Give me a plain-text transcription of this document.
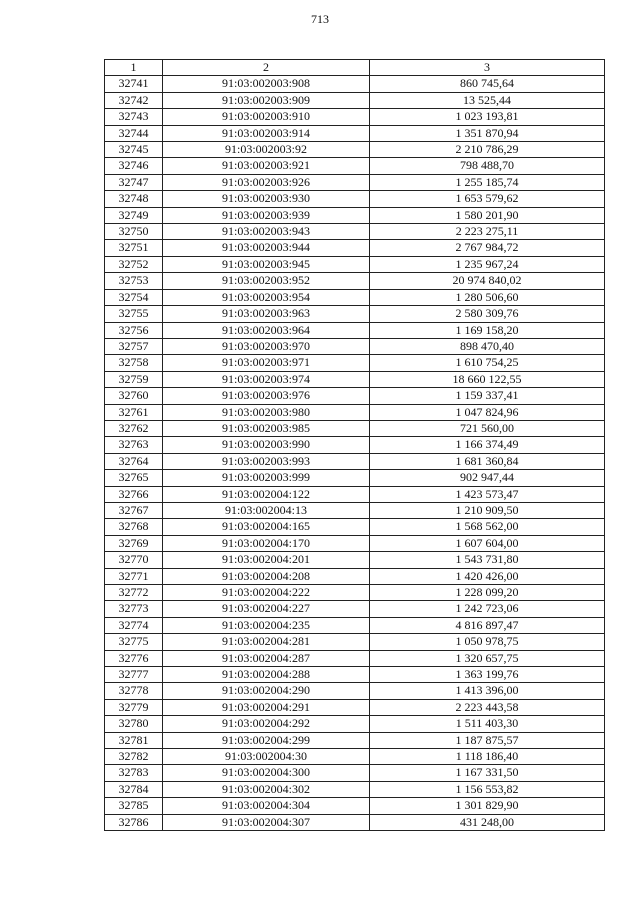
713
1	2	3
32741	91:03:002003:908	860 745,64
32742	91:03:002003:909	13 525,44
32743	91:03:002003:910	1 023 193,81
32744	91:03:002003:914	1 351 870,94
32745	91:03:002003:92	2 210 786,29
32746	91:03:002003:921	798 488,70
32747	91:03:002003:926	1 255 185,74
32748	91:03:002003:930	1 653 579,62
32749	91:03:002003:939	1 580 201,90
32750	91:03:002003:943	2 223 275,11
32751	91:03:002003:944	2 767 984,72
32752	91:03:002003:945	1 235 967,24
32753	91:03:002003:952	20 974 840,02
32754	91:03:002003:954	1 280 506,60
32755	91:03:002003:963	2 580 309,76
32756	91:03:002003:964	1 169 158,20
32757	91:03:002003:970	898 470,40
32758	91:03:002003:971	1 610 754,25
32759	91:03:002003:974	18 660 122,55
32760	91:03:002003:976	1 159 337,41
32761	91:03:002003:980	1 047 824,96
32762	91:03:002003:985	721 560,00
32763	91:03:002003:990	1 166 374,49
32764	91:03:002003:993	1 681 360,84
32765	91:03:002003:999	902 947,44
32766	91:03:002004:122	1 423 573,47
32767	91:03:002004:13	1 210 909,50
32768	91:03:002004:165	1 568 562,00
32769	91:03:002004:170	1 607 604,00
32770	91:03:002004:201	1 543 731,80
32771	91:03:002004:208	1 420 426,00
32772	91:03:002004:222	1 228 099,20
32773	91:03:002004:227	1 242 723,06
32774	91:03:002004:235	4 816 897,47
32775	91:03:002004:281	1 050 978,75
32776	91:03:002004:287	1 320 657,75
32777	91:03:002004:288	1 363 199,76
32778	91:03:002004:290	1 413 396,00
32779	91:03:002004:291	2 223 443,58
32780	91:03:002004:292	1 511 403,30
32781	91:03:002004:299	1 187 875,57
32782	91:03:002004:30	1 118 186,40
32783	91:03:002004:300	1 167 331,50
32784	91:03:002004:302	1 156 553,82
32785	91:03:002004:304	1 301 829,90
32786	91:03:002004:307	431 248,00
